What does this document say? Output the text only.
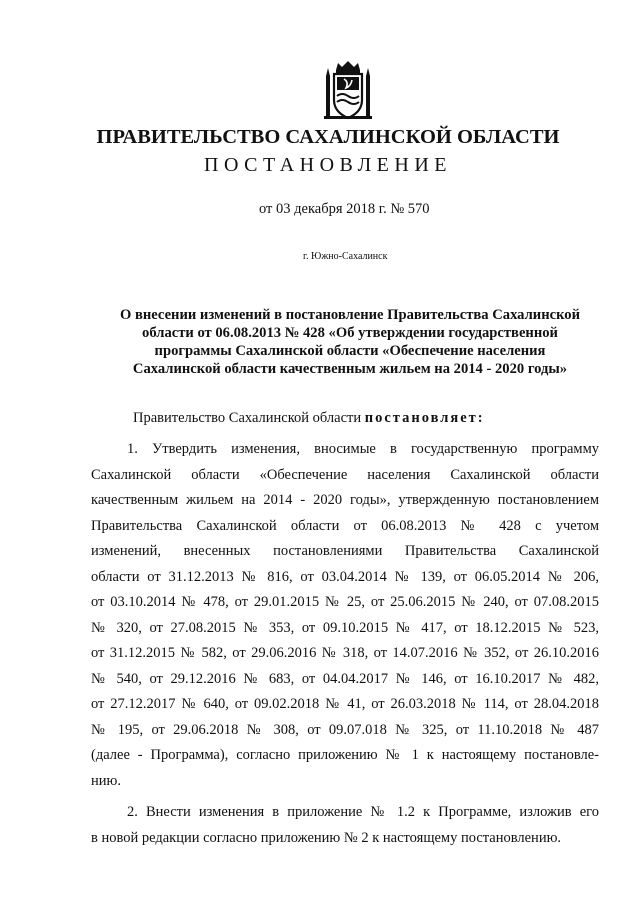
ПРАВИТЕЛЬСТВО САХАЛИНСКОЙ ОБЛАСТИ
ПОСТАНОВЛЕНИЕ
от 03 декабря 2018 г. № 570
г. Южно-Сахалинск
О внесении изменений в постановление Правительства Сахалинской
области от 06.08.2013 № 428 «Об утверждении государственной
программы Сахалинской области «Обеспечение населения
Сахалинской области качественным жильем на 2014 - 2020 годы»
Правительство Сахалинской области постановляет:
1. Утвердить изменения, вносимые в государственную программу
Сахалинской области «Обеспечение населения Сахалинской области
качественным жильем на 2014 - 2020 годы», утвержденную постановлением
Правительства Сахалинской области от 06.08.2013 № 428 с учетом
изменений, внесенных постановлениями Правительства Сахалинской
области от 31.12.2013 № 816, от 03.04.2014 № 139, от 06.05.2014 № 206,
от 03.10.2014 № 478, от 29.01.2015 № 25, от 25.06.2015 № 240, от 07.08.2015
№ 320, от 27.08.2015 № 353, от 09.10.2015 № 417, от 18.12.2015 № 523,
от 31.12.2015 № 582, от 29.06.2016 № 318, от 14.07.2016 № 352, от 26.10.2016
№ 540, от 29.12.2016 № 683, от 04.04.2017 № 146, от 16.10.2017 № 482,
от 27.12.2017 № 640, от 09.02.2018 № 41, от 26.03.2018 № 114, от 28.04.2018
№ 195, от 29.06.2018 № 308, от 09.07.018 № 325, от 11.10.2018 № 487
(далее - Программа), согласно приложению № 1 к настоящему постановле-
нию.
2. Внести изменения в приложение № 1.2 к Программе, изложив его
в новой редакции согласно приложению № 2 к настоящему постановлению.
